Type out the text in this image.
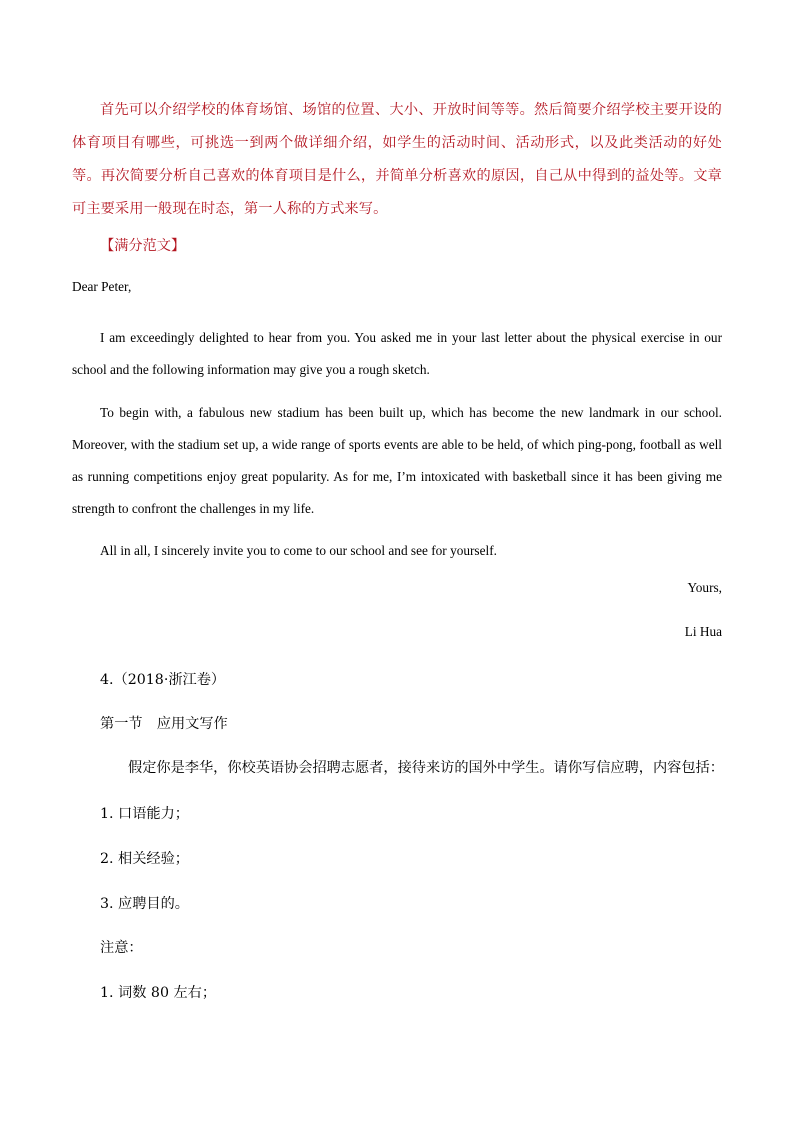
首先可以介绍学校的体育场馆、场馆的位置、大小、开放时间等等。然后简要介绍学校主要开设的体育项目有哪些，可挑选一到两个做详细介绍，如学生的活动时间、活动形式，以及此类活动的好处等。再次简要分析自己喜欢的体育项目是什么，并简单分析喜欢的原因，自己从中得到的益处等。文章可主要采用一般现在时态，第一人称的方式来写。

【满分范文】

Dear Peter,

I am exceedingly delighted to hear from you. You asked me in your last letter about the physical exercise in our school and the following information may give you a rough sketch.

To begin with, a fabulous new stadium has been built up, which has become the new landmark in our school. Moreover, with the stadium set up, a wide range of sports events are able to be held, of which ping-pong, football as well as running competitions enjoy great popularity. As for me, I’m intoxicated with basketball since it has been giving me strength to confront the challenges in my life.

All in all, I sincerely invite you to come to our school and see for yourself.

Yours,

Li Hua

4.（2018·浙江卷）

第一节　应用文写作

假定你是李华，你校英语协会招聘志愿者，接待来访的国外中学生。请你写信应聘，内容包括：

1. 口语能力；

2. 相关经验；

3. 应聘目的。

注意：

1. 词数 80 左右；
